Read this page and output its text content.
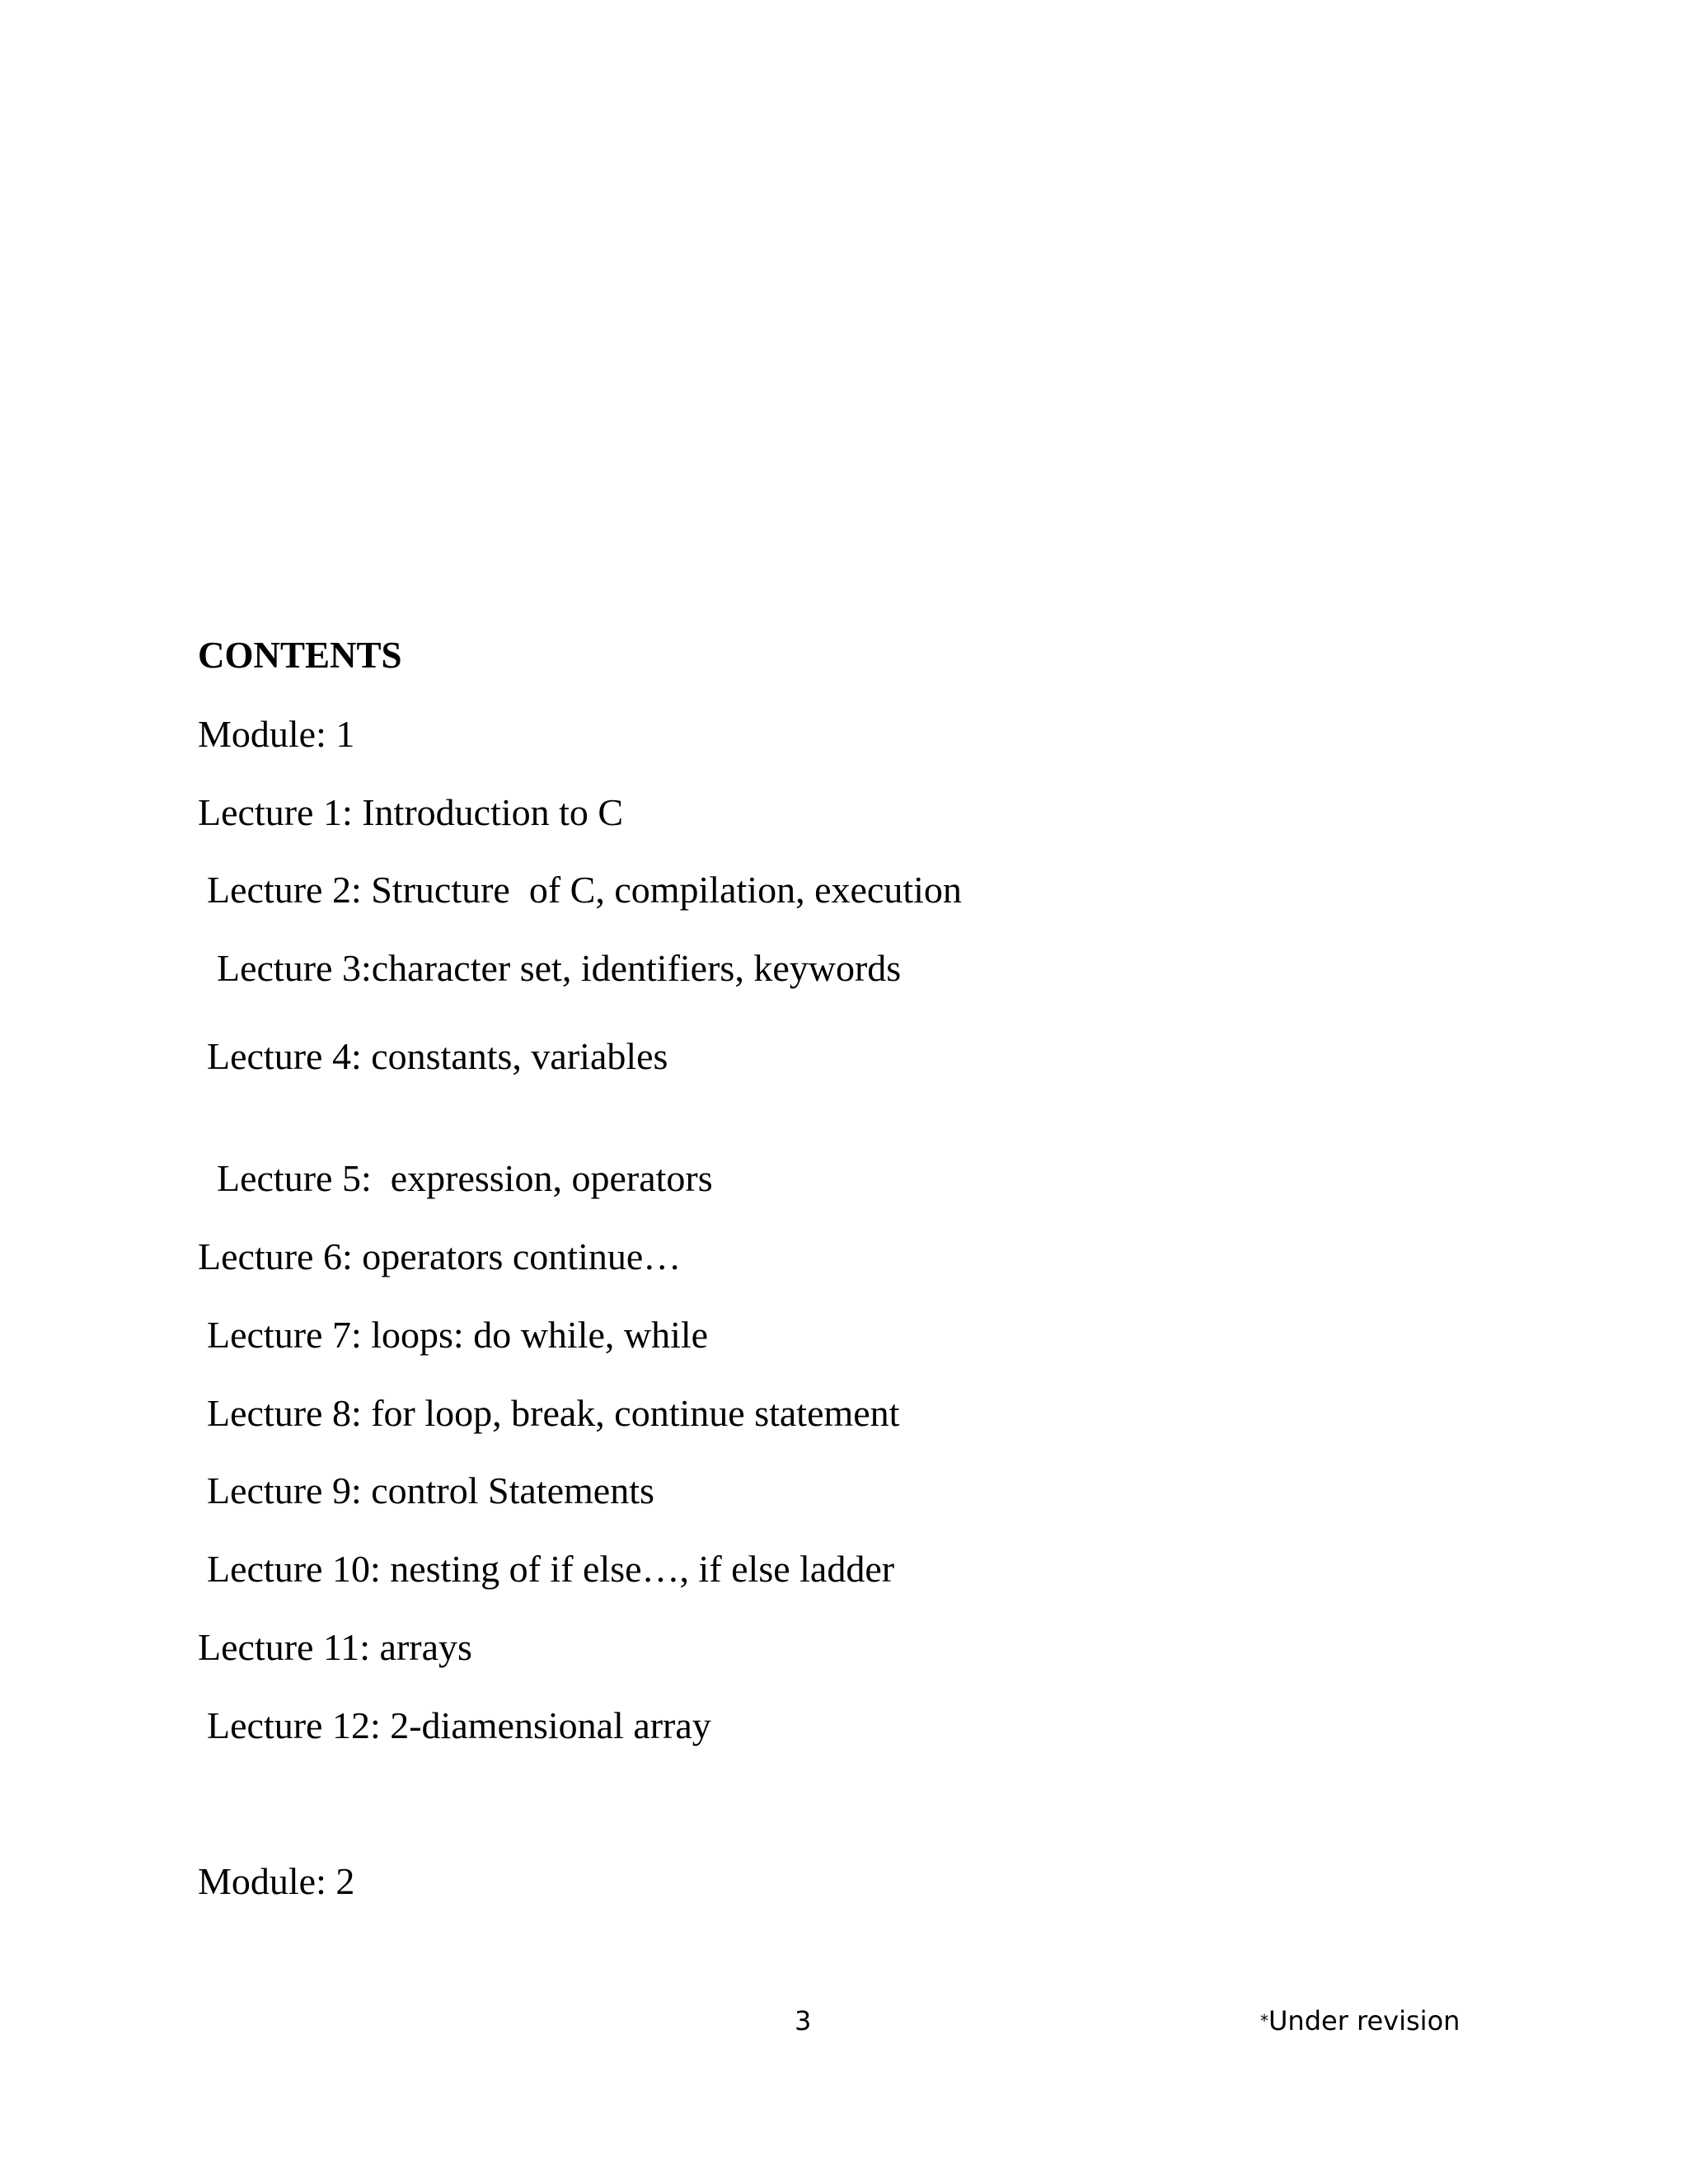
CONTENTS
Module: 1
Lecture 1: Introduction to C
Lecture 2: Structure  of C, compilation, execution
Lecture 3:character set, identifiers, keywords
Lecture 4: constants, variables
Lecture 5:  expression, operators
Lecture 6: operators continue…
Lecture 7: loops: do while, while
Lecture 8: for loop, break, continue statement
Lecture 9: control Statements
Lecture 10: nesting of if else…, if else ladder
Lecture 11: arrays
Lecture 12: 2-diamensional array
Module: 2
3	*Under revision
